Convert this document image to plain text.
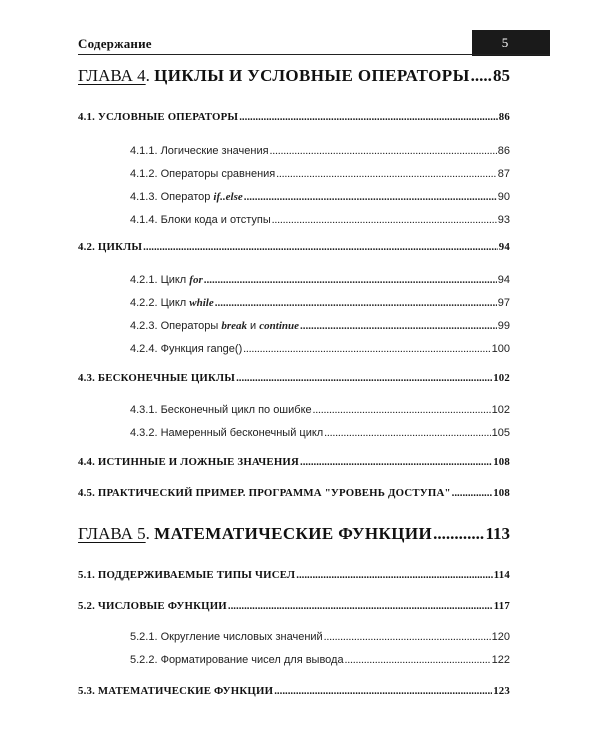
Содержание	5
ГЛАВА 4. ЦИКЛЫ И УСЛОВНЫЕ ОПЕРАТОРЫ ..... 85
4.1. УСЛОВНЫЕ ОПЕРАТОРЫ .....	86
4.1.1. Логические значения .....	86
4.1.2. Операторы сравнения .....	87
4.1.3. Оператор if..else .....	90
4.1.4. Блоки кода и отступы .....	93
4.2. ЦИКЛЫ .....	94
4.2.1. Цикл for .....	94
4.2.2. Цикл while .....	97
4.2.3. Операторы break и continue .....	99
4.2.4. Функция range() .....	100
4.3. БЕСКОНЕЧНЫЕ ЦИКЛЫ .....	102
4.3.1. Бесконечный цикл по ошибке .....	102
4.3.2. Намеренный бесконечный цикл .....	105
4.4. ИСТИННЫЕ И ЛОЖНЫЕ ЗНАЧЕНИЯ .....	108
4.5. ПРАКТИЧЕСКИЙ ПРИМЕР. ПРОГРАММА "УРОВЕНЬ ДОСТУПА" .....	108
ГЛАВА 5. МАТЕМАТИЧЕСКИЕ ФУНКЦИИ .....	113
5.1. ПОДДЕРЖИВАЕМЫЕ ТИПЫ ЧИСЕЛ .....	114
5.2. ЧИСЛОВЫЕ ФУНКЦИИ .....	117
5.2.1. Округление числовых значений .....	120
5.2.2. Форматирование чисел для вывода .....	122
5.3. МАТЕМАТИЧЕСКИЕ ФУНКЦИИ .....	123
